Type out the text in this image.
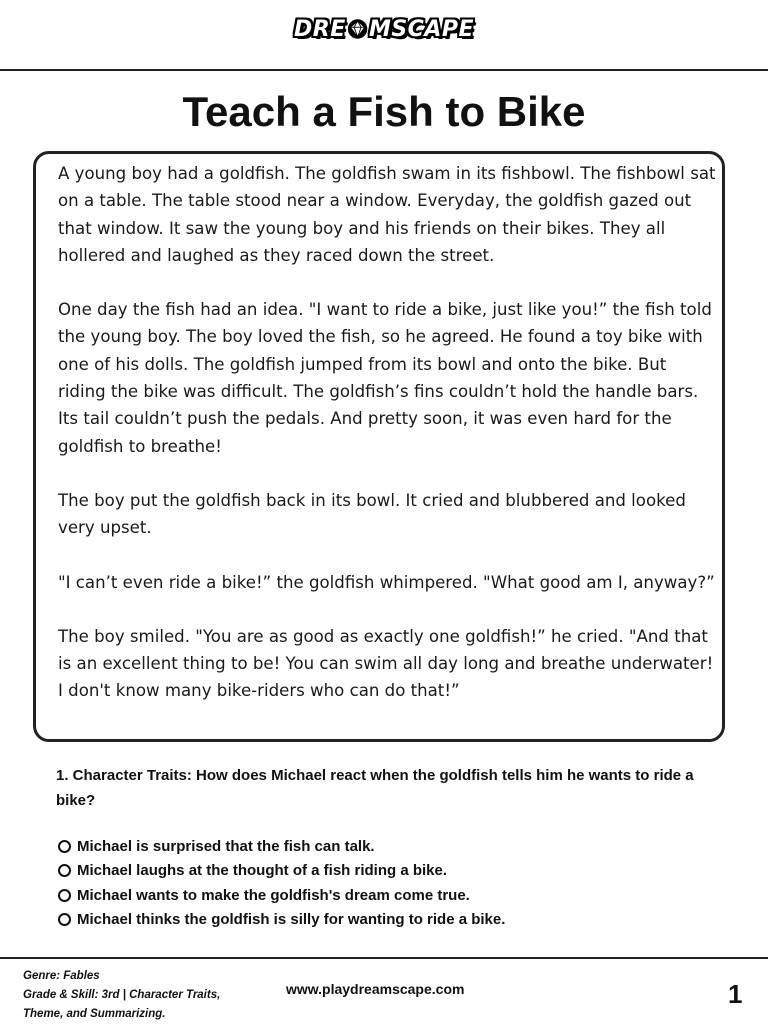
DRE MSCAPE
Teach a Fish to Bike

A young boy had a goldfish. The goldfish swam in its fishbowl. The fishbowl sat on a table. The table stood near a window. Everyday, the goldfish gazed out that window. It saw the young boy and his friends on their bikes. They all hollered and laughed as they raced down the street.

One day the fish had an idea. "I want to ride a bike, just like you!” the fish told the young boy. The boy loved the fish, so he agreed. He found a toy bike with one of his dolls. The goldfish jumped from its bowl and onto the bike. But riding the bike was difficult. The goldfish’s fins couldn’t hold the handle bars. Its tail couldn’t push the pedals. And pretty soon, it was even hard for the goldfish to breathe!

The boy put the goldfish back in its bowl. It cried and blubbered and looked very upset.

"I can’t even ride a bike!” the goldfish whimpered. "What good am I, anyway?”

The boy smiled. "You are as good as exactly one goldfish!” he cried. "And that is an excellent thing to be! You can swim all day long and breathe underwater! I don't know many bike-riders who can do that!”

1. Character Traits: How does Michael react when the goldfish tells him he wants to ride a bike?
Michael is surprised that the fish can talk.
Michael laughs at the thought of a fish riding a bike.
Michael wants to make the goldfish's dream come true.
Michael thinks the goldfish is silly for wanting to ride a bike.
Genre: Fables
Grade & Skill: 3rd | Character Traits, Theme, and Summarizing.
www.playdreamscape.com	1
